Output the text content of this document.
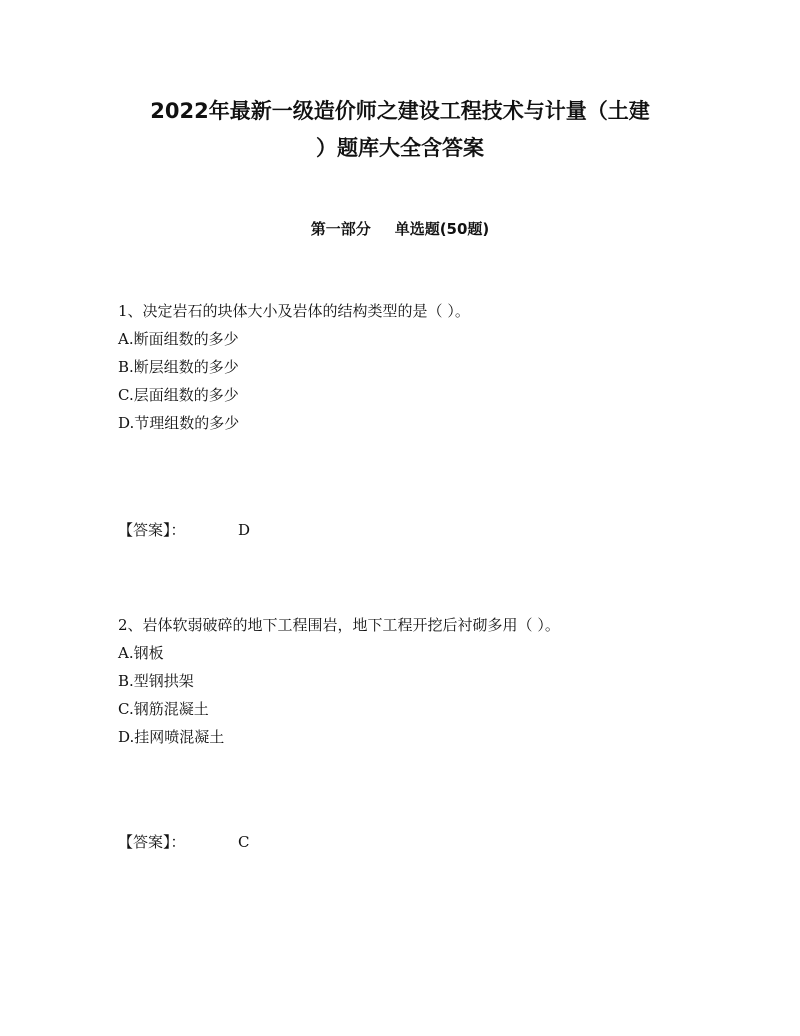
2022年最新一级造价师之建设工程技术与计量（土建
）题库大全含答案
第一部分 单选题(50题)
1、决定岩石的块体大小及岩体的结构类型的是（ ）。
A.断面组数的多少
B.断层组数的多少
C.层面组数的多少
D.节理组数的多少
【答案】：	D
2、岩体软弱破碎的地下工程围岩，地下工程开挖后衬砌多用（ ）。
A.钢板
B.型钢拱架
C.钢筋混凝土
D.挂网喷混凝土
【答案】：	C
